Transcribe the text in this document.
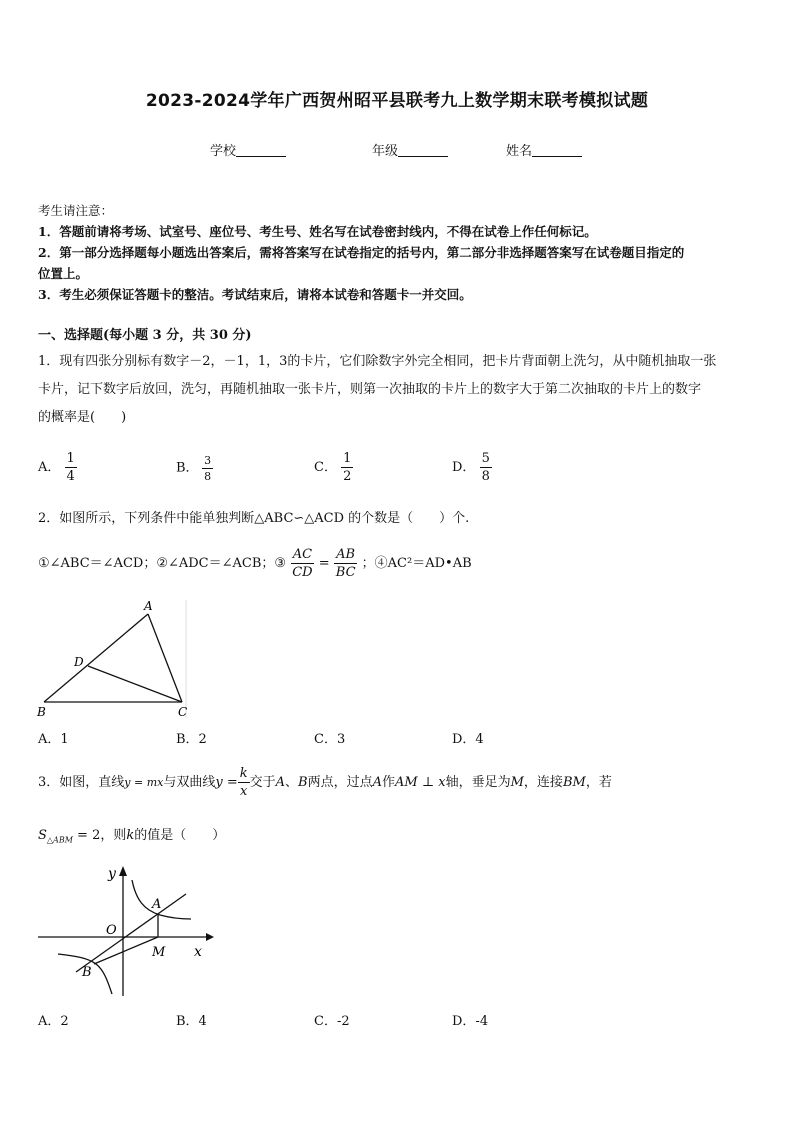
2023-2024学年广西贺州昭平县联考九上数学期末联考模拟试题
学校	年级	姓名
考生请注意：
1．答题前请将考场、试室号、座位号、考生号、姓名写在试卷密封线内，不得在试卷上作任何标记。
2．第一部分选择题每小题选出答案后，需将答案写在试卷指定的括号内，第二部分非选择题答案写在试卷题目指定的
位置上。
3．考生必须保证答题卡的整洁。考试结束后，请将本试卷和答题卡一并交回。
一、选择题(每小题 3 分，共 30 分)
1．现有四张分别标有数字－2，－1，1，3的卡片，它们除数字外完全相同，把卡片背面朝上洗匀，从中随机抽取一张
卡片，记下数字后放回，洗匀，再随机抽取一张卡片，则第一次抽取的卡片上的数字大于第二次抽取的卡片上的数字
的概率是(　　)
A． $\frac{1}{4}$	B． $\frac{3}{8}$	C． $\frac{1}{2}$	D． $\frac{5}{8}$
2．如图所示，下列条件中能单独判断△ABC∽△ACD 的个数是（　　）个.
①∠ABC＝∠ACD；②∠ADC＝∠ACB；③ $\frac{AC}{CD} = \frac{AB}{BC}$ ；④AC²＝AD•AB
A
D
B	C
A．1	B．2	C．3	D．4
3．如图，直线y = mx与双曲线$y = \frac{k}{x}$ 交于A、B两点，过点A作AM ⊥ x轴，垂足为M，连接BM，若
$S_{\triangle ABM} = 2$，则k的值是（　　）
y
x
O
A
B
M
A．2	B．4	C．-2	D．-4
